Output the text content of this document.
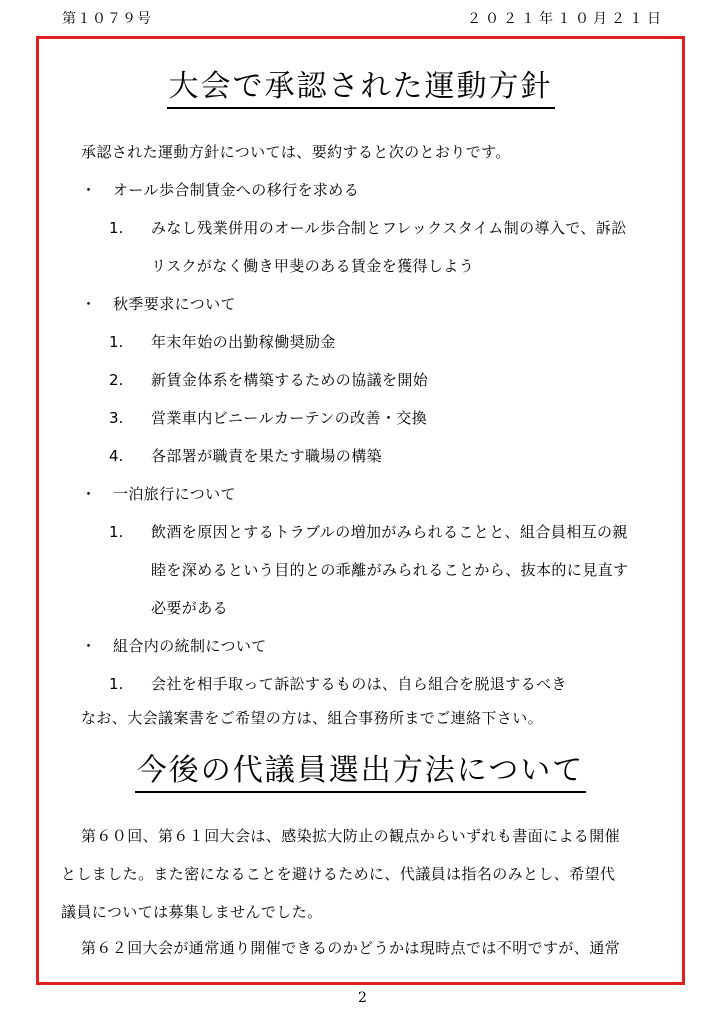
第１０７９号	２０２１年１０月２１日
大会で承認された運動方針
承認された運動方針については、要約すると次のとおりです。
・ オール歩合制賃金への移行を求める
1. みなし残業併用のオール歩合制とフレックスタイム制の導入で、訴訟
リスクがなく働き甲斐のある賃金を獲得しよう
・ 秋季要求について
1. 年末年始の出勤稼働奨励金
2. 新賃金体系を構築するための協議を開始
3. 営業車内ビニールカーテンの改善・交換
4. 各部署が職責を果たす職場の構築
・ 一泊旅行について
1. 飲酒を原因とするトラブルの増加がみられることと、組合員相互の親
睦を深めるという目的との乖離がみられることから、抜本的に見直す
必要がある
・ 組合内の統制について
1. 会社を相手取って訴訟するものは、自ら組合を脱退するべき
なお、大会議案書をご希望の方は、組合事務所までご連絡下さい。
今後の代議員選出方法について
第６０回、第６１回大会は、感染拡大防止の観点からいずれも書面による開催
としました。また密になることを避けるために、代議員は指名のみとし、希望代
議員については募集しませんでした。
第６２回大会が通常通り開催できるのかどうかは現時点では不明ですが、通常
2
